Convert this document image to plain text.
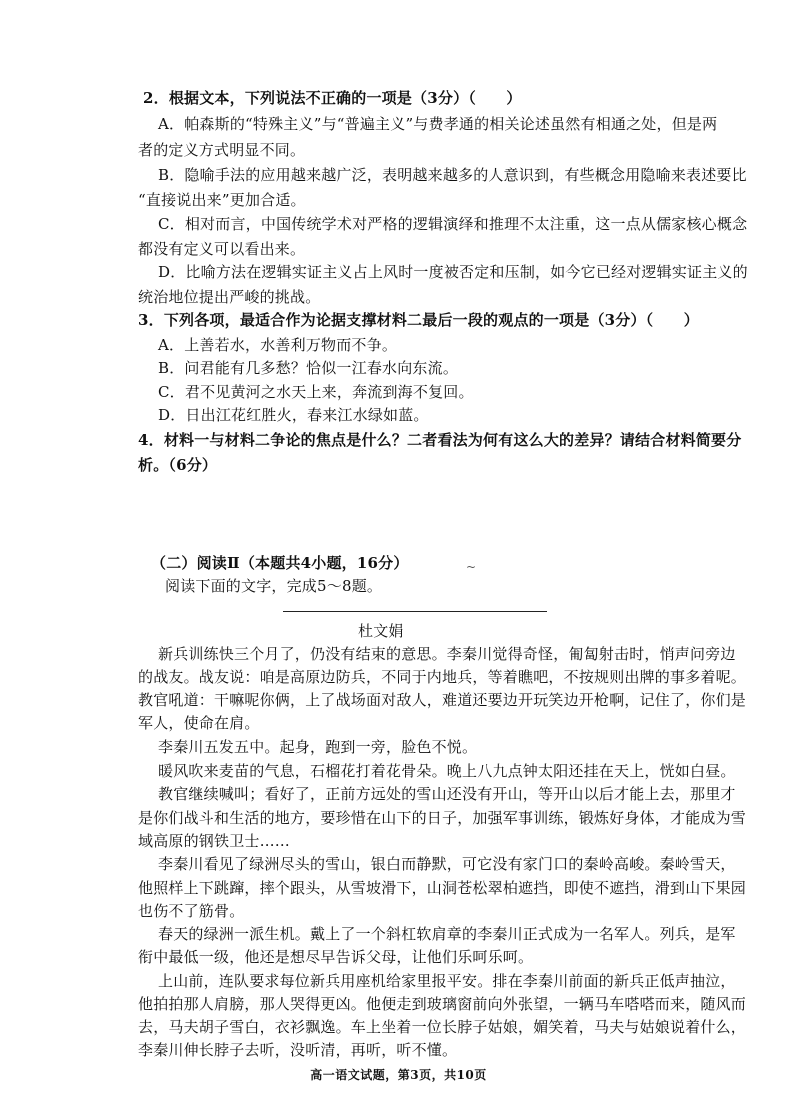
2．根据文本，下列说法不正确的一项是（3分）（　　）
A．帕森斯的“特殊主义”与“普遍主义”与费孝通的相关论述虽然有相通之处，但是两
者的定义方式明显不同。
B．隐喻手法的应用越来越广泛，表明越来越多的人意识到，有些概念用隐喻来表述要比
“直接说出来”更加合适。
C．相对而言，中国传统学术对严格的逻辑演绎和推理不太注重，这一点从儒家核心概念
都没有定义可以看出来。
D．比喻方法在逻辑实证主义占上风时一度被否定和压制，如今它已经对逻辑实证主义的
统治地位提出严峻的挑战。
3．下列各项，最适合作为论据支撑材料二最后一段的观点的一项是（3分）（　　）
A．上善若水，水善利万物而不争。
B．问君能有几多愁？恰似一江春水向东流。
C．君不见黄河之水天上来，奔流到海不复回。
D．日出江花红胜火，春来江水绿如蓝。
4．材料一与材料二争论的焦点是什么？二者看法为何有这么大的差异？请结合材料简要分
析。（6分）
（二）阅读Ⅱ（本题共4小题，16分）	~
阅读下面的文字，完成5～8题。
杜文娟
新兵训练快三个月了，仍没有结束的意思。李秦川觉得奇怪，匍匐射击时，悄声问旁边
的战友。战友说：咱是高原边防兵，不同于内地兵，等着瞧吧，不按规则出牌的事多着呢。
教官吼道：干嘛呢你俩，上了战场面对敌人，难道还要边开玩笑边开枪啊，记住了，你们是
军人，使命在肩。
李秦川五发五中。起身，跑到一旁，脸色不悦。
暖风吹来麦苗的气息，石榴花打着花骨朵。晚上八九点钟太阳还挂在天上，恍如白昼。
教官继续喊叫；看好了，正前方远处的雪山还没有开山，等开山以后才能上去，那里才
是你们战斗和生活的地方，要珍惜在山下的日子，加强军事训练，锻炼好身体，才能成为雪
域高原的钢铁卫士……
李秦川看见了绿洲尽头的雪山，银白而静默，可它没有家门口的秦岭高峻。秦岭雪天，
他照样上下跳蹿，摔个跟头，从雪坡滑下，山洞苍松翠柏遮挡，即使不遮挡，滑到山下果园
也伤不了筋骨。
春天的绿洲一派生机。戴上了一个斜杠软肩章的李秦川正式成为一名军人。列兵，是军
衔中最低一级，他还是想尽早告诉父母，让他们乐呵乐呵。
上山前，连队要求每位新兵用座机给家里报平安。排在李秦川前面的新兵正低声抽泣，
他拍拍那人肩膀，那人哭得更凶。他便走到玻璃窗前向外张望，一辆马车嗒嗒而来，随风而
去，马夫胡子雪白，衣衫飘逸。车上坐着一位长脖子姑娘，媚笑着，马夫与姑娘说着什么，
李秦川伸长脖子去听，没听清，再听，听不懂。
高一语文试题，第3页，共10页
